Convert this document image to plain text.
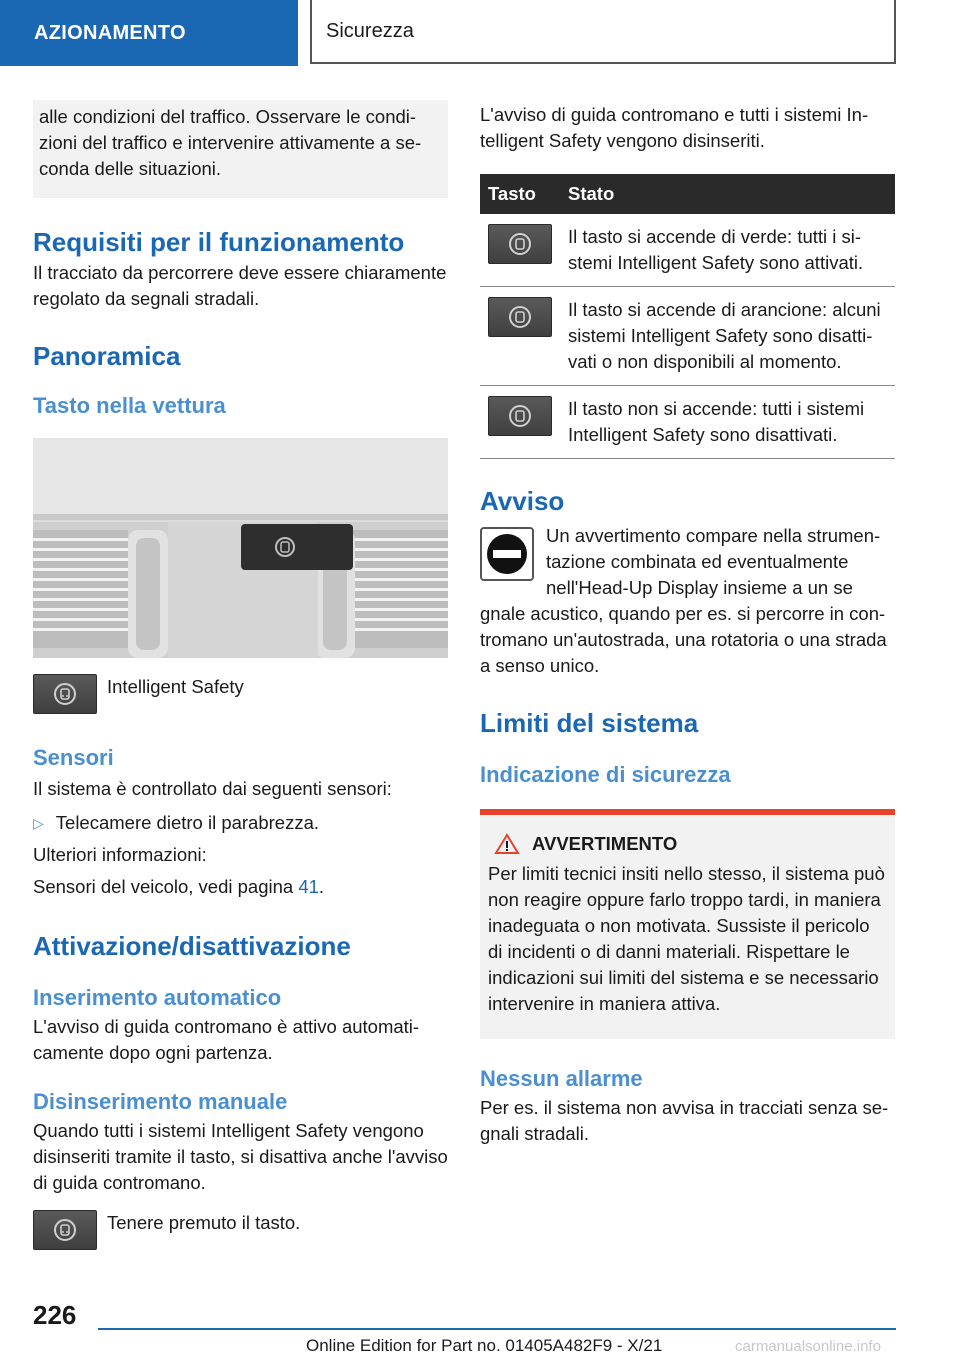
AZIONAMENTO	Sicurezza

alle condizioni del traffico. Osservare le condizioni del traffico e intervenire attivamente a seconda delle situazioni.

Requisiti per il funzionamento

Il tracciato da percorrere deve essere chiaramente regolato da segnali stradali.

Panoramica
Tasto nella vettura

Intelligent Safety

Sensori

Il sistema è controllato dai seguenti sensori:

▷ Telecamere dietro il parabrezza.

Ulteriori informazioni:

Sensori del veicolo, vedi pagina 41.

Attivazione/disattivazione
Inserimento automatico

L'avviso di guida contromano è attivo automaticamente dopo ogni partenza.

Disinserimento manuale

Quando tutti i sistemi Intelligent Safety vengono disinseriti tramite il tasto, si disattiva anche l'avviso di guida contromano.

Tenere premuto il tasto.

L'avviso di guida contromano e tutti i sistemi Intelligent Safety vengono disinseriti.

Tasto	Stato

	Il tasto si accende di verde: tutti i sistemi Intelligent Safety sono attivati.

	Il tasto si accende di arancione: alcuni sistemi Intelligent Safety sono disattivati o non disponibili al momento.

	Il tasto non si accende: tutti i sistemi Intelligent Safety sono disattivati.
Avviso

Un avvertimento compare nella strumentazione combinata ed eventualmente nell'Head-Up Display insieme a un se

gnale acustico, quando per es. si percorre in contromano un'autostrada, una rotatoria o una strada a senso unico.

Limiti del sistema
Indicazione di sicurezza
AVVERTIMENTO

Per limiti tecnici insiti nello stesso, il sistema può non reagire oppure farlo troppo tardi, in maniera inadeguata o non motivata. Sussiste il pericolo di incidenti o di danni materiali. Rispettare le indicazioni sui limiti del sistema e se necessario intervenire in maniera attiva.

Nessun allarme

Per es. il sistema non avvisa in tracciati senza segnali stradali.

226
Online Edition for Part no. 01405A482F9 - X/21	carmanualsonline.info
